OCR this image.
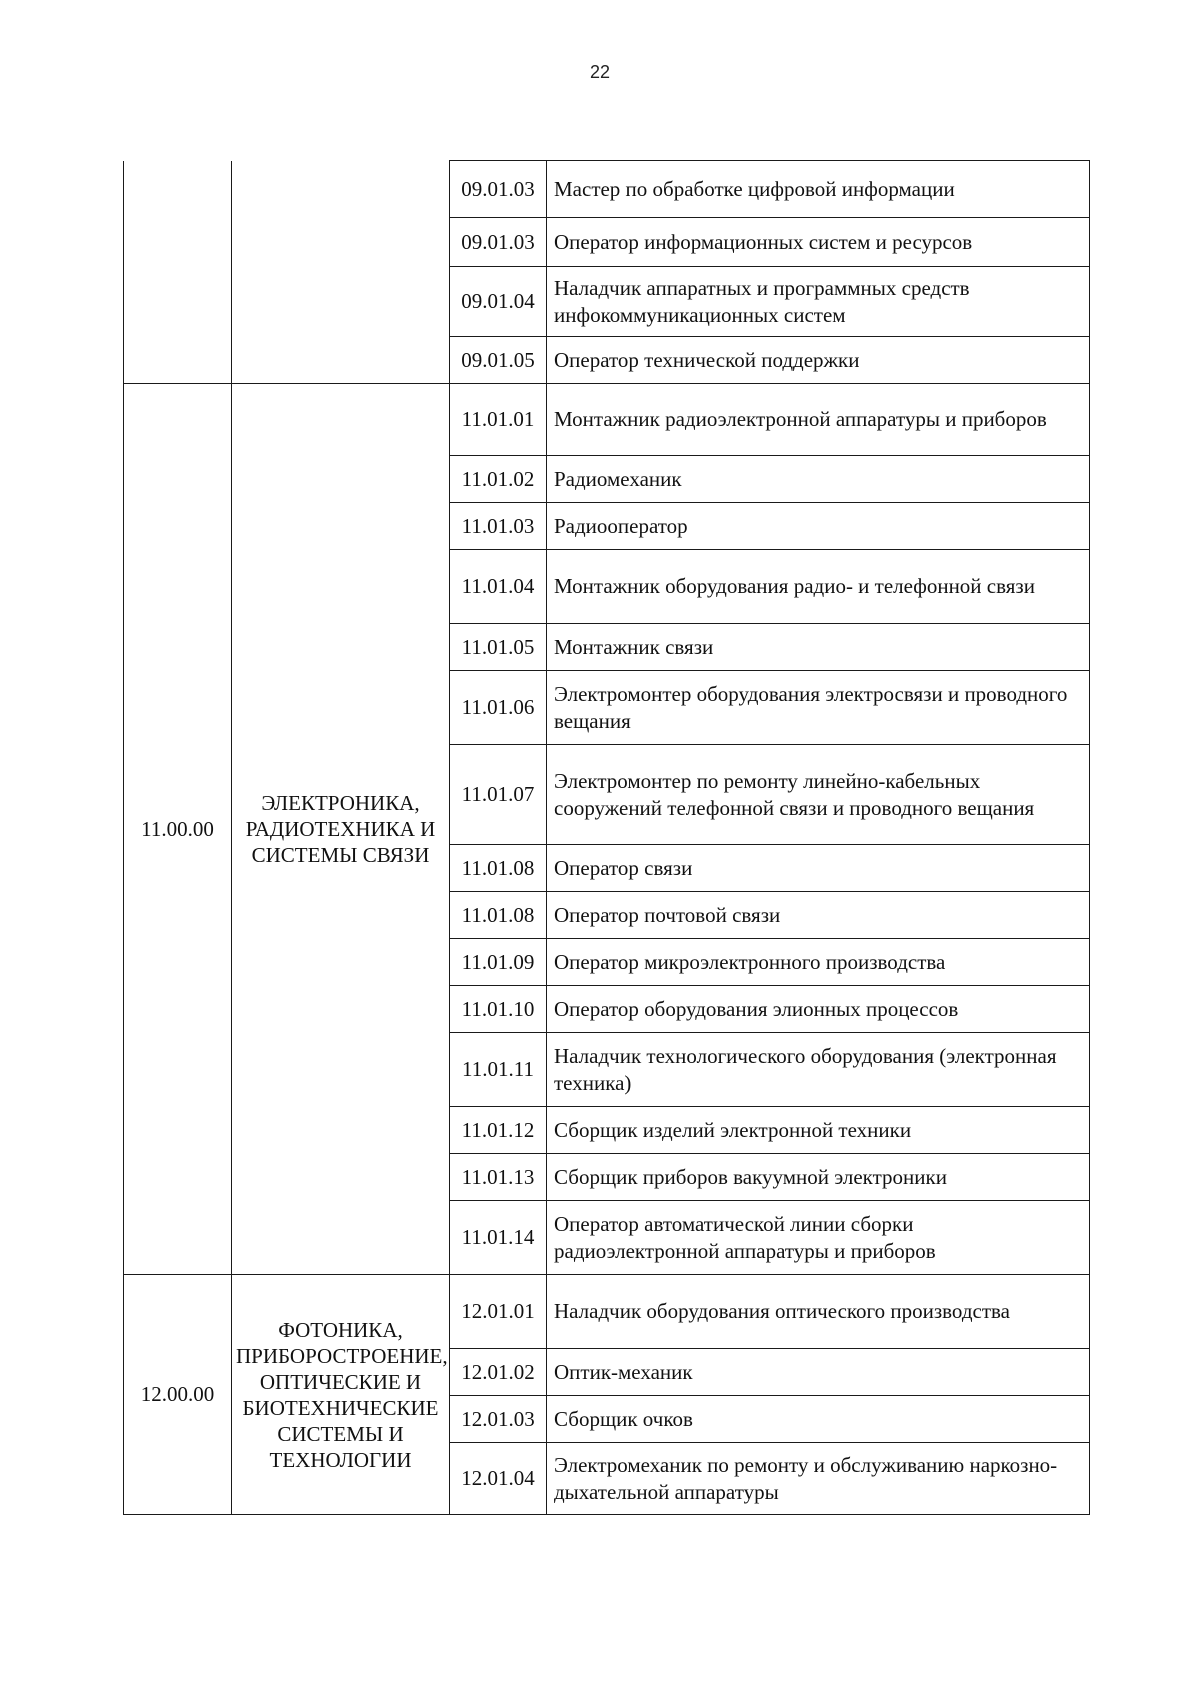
22
		09.01.03	Мастер по обработке цифровой информации
		09.01.03	Оператор информационных систем и ресурсов
		09.01.04	Наладчик аппаратных и программных средств инфокоммуникационных систем
		09.01.05	Оператор технической поддержки
11.00.00	ЭЛЕКТРОНИКА, РАДИОТЕХНИКА И СИСТЕМЫ СВЯЗИ	11.01.01	Монтажник радиоэлектронной аппаратуры и приборов
		11.01.02	Радиомеханик
		11.01.03	Радиооператор
		11.01.04	Монтажник оборудования радио- и телефонной связи
		11.01.05	Монтажник связи
		11.01.06	Электромонтер оборудования электросвязи и проводного вещания
		11.01.07	Электромонтер по ремонту линейно-кабельных сооружений телефонной связи и проводного вещания
		11.01.08	Оператор связи
		11.01.08	Оператор почтовой связи
		11.01.09	Оператор микроэлектронного производства
		11.01.10	Оператор оборудования элионных процессов
		11.01.11	Наладчик технологического оборудования (электронная техника)
		11.01.12	Сборщик изделий электронной техники
		11.01.13	Сборщик приборов вакуумной электроники
		11.01.14	Оператор автоматической линии сборки радиоэлектронной аппаратуры и приборов
12.00.00	ФОТОНИКА, ПРИБОРОСТРОЕНИЕ, ОПТИЧЕСКИЕ И БИОТЕХНИЧЕСКИЕ СИСТЕМЫ И ТЕХНОЛОГИИ	12.01.01	Наладчик оборудования оптического производства
		12.01.02	Оптик-механик
		12.01.03	Сборщик очков
		12.01.04	Электромеханик по ремонту и обслуживанию наркозно-дыхательной аппаратуры
